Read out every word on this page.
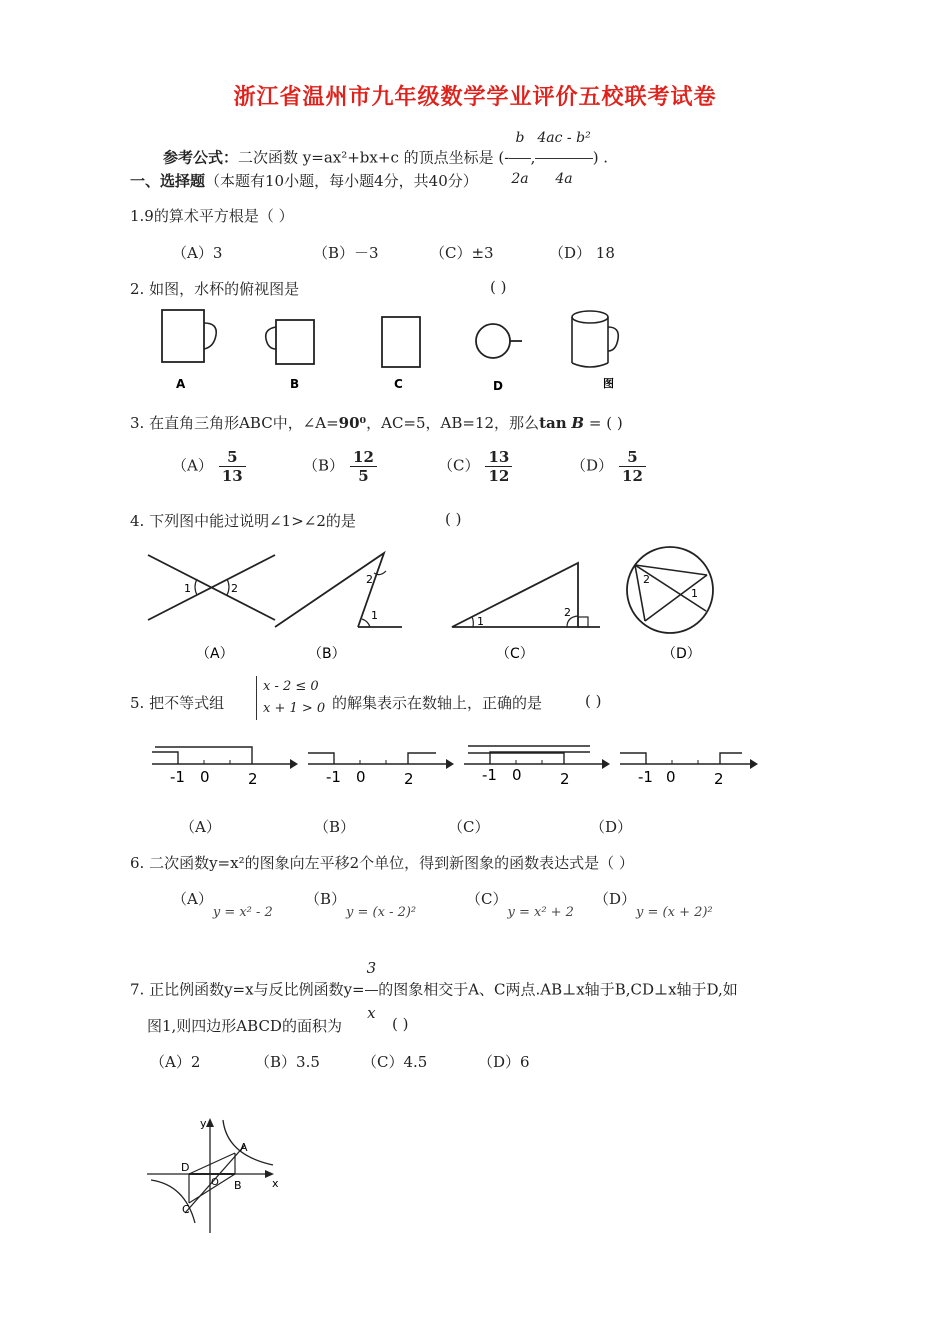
浙江省温州市九年级数学学业评价五校联考试卷
参考公式：二次函数 y=ax²+bx+c 的顶点坐标是 (- $\frac{b}{2a}$ , $\frac{\text{4ac - b²}}{4a}$ ) .
一、选择题（本题有10小题，每小题4分，共40分）
1.9的算术平方根是（ ）
（A）3	（B）－3	（C）±3	（D） 18
2. 如图，水杯的俯视图是	( )
A	B	C	D	图
3. 在直角三角形ABC中，∠A=90⁰，AC=5，AB=12，那么tan B = ( )
$(A) \frac{5}{13}$	$(B) \frac{12}{5}$	$(C) \frac{13}{12}$	$(D) \frac{5}{12}$
4. 下列图中能过说明∠1>∠2的是	( )
1	2
2
1	1
2
2
1
（A）	（B）	（C）	（D）
5. 把不等式组
x - 2 ≤ 0
x + 1 > 0 的解集表示在数轴上，正确的是	( )
-1 0	2	-1 0	2	-1 0	2	-1 0	2
（A）	（B）	（C）	（D）
6. 二次函数y=x²的图象向左平移2个单位，得到新图象的函数表达式是（ ）
（A）y = x² - 2
（B）y = (x - 2)²
（C）y = x² + 2
（D）y = (x + 2)²
7. 正比例函数y=x与反比例函数$y= \frac{3}{x}$ 的图象相交于A、C两点.AB⊥x轴于B,CD⊥x轴于D,如
图1,则四边形ABCD的面积为	( )
（A）2	（B）3.5	（C）4.5	（D）6
y
x
A
B
C
D
O
